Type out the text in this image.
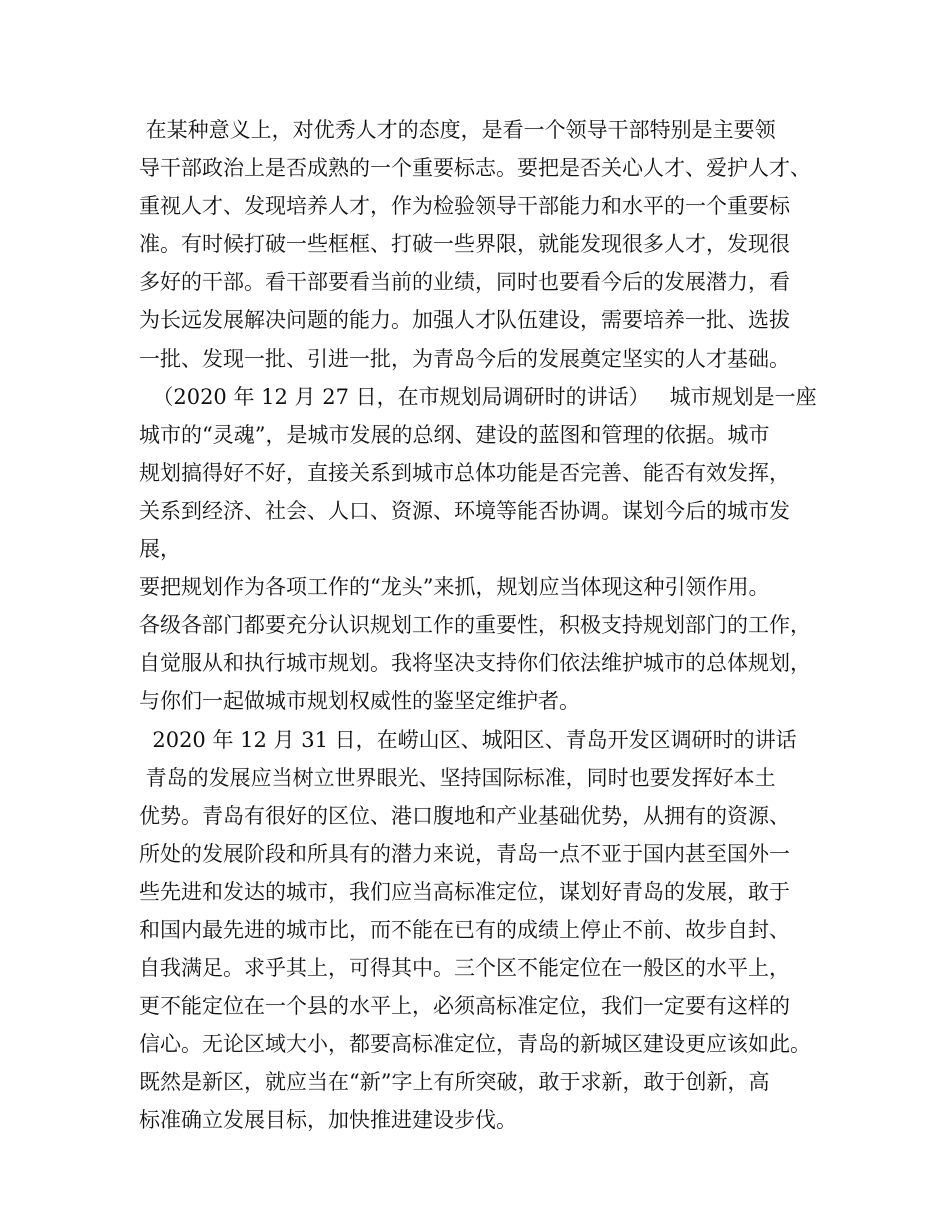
在某种意义上，对优秀人才的态度，是看一个领导干部特别是主要领
导干部政治上是否成熟的一个重要标志。要把是否关心人才、爱护人才、
重视人才、发现培养人才，作为检验领导干部能力和水平的一个重要标
准。有时候打破一些框框、打破一些界限，就能发现很多人才，发现很
多好的干部。看干部要看当前的业绩，同时也要看今后的发展潜力，看
为长远发展解决问题的能力。加强人才队伍建设，需要培养一批、选拔
一批、发现一批、引进一批，为青岛今后的发展奠定坚实的人才基础。
（2020 年 12 月 27 日，在市规划局调研时的讲话）   城市规划是一座
城市的“灵魂”，是城市发展的总纲、建设的蓝图和管理的依据。城市
规划搞得好不好，直接关系到城市总体功能是否完善、能否有效发挥，
关系到经济、社会、人口、资源、环境等能否协调。谋划今后的城市发
展，
要把规划作为各项工作的“龙头”来抓，规划应当体现这种引领作用。
各级各部门都要充分认识规划工作的重要性，积极支持规划部门的工作，
自觉服从和执行城市规划。我将坚决支持你们依法维护城市的总体规划，
与你们一起做城市规划权威性的鉴坚定维护者。
2020 年 12 月 31 日，在崂山区、城阳区、青岛开发区调研时的讲话
青岛的发展应当树立世界眼光、坚持国际标准，同时也要发挥好本土
优势。青岛有很好的区位、港口腹地和产业基础优势，从拥有的资源、
所处的发展阶段和所具有的潜力来说，青岛一点不亚于国内甚至国外一
些先进和发达的城市，我们应当高标准定位，谋划好青岛的发展，敢于
和国内最先进的城市比，而不能在已有的成绩上停止不前、故步自封、
自我满足。求乎其上，可得其中。三个区不能定位在一般区的水平上，
更不能定位在一个县的水平上，必须高标准定位，我们一定要有这样的
信心。无论区域大小，都要高标准定位，青岛的新城区建设更应该如此。
既然是新区，就应当在“新”字上有所突破，敢于求新，敢于创新，高
标准确立发展目标，加快推进建设步伐。
